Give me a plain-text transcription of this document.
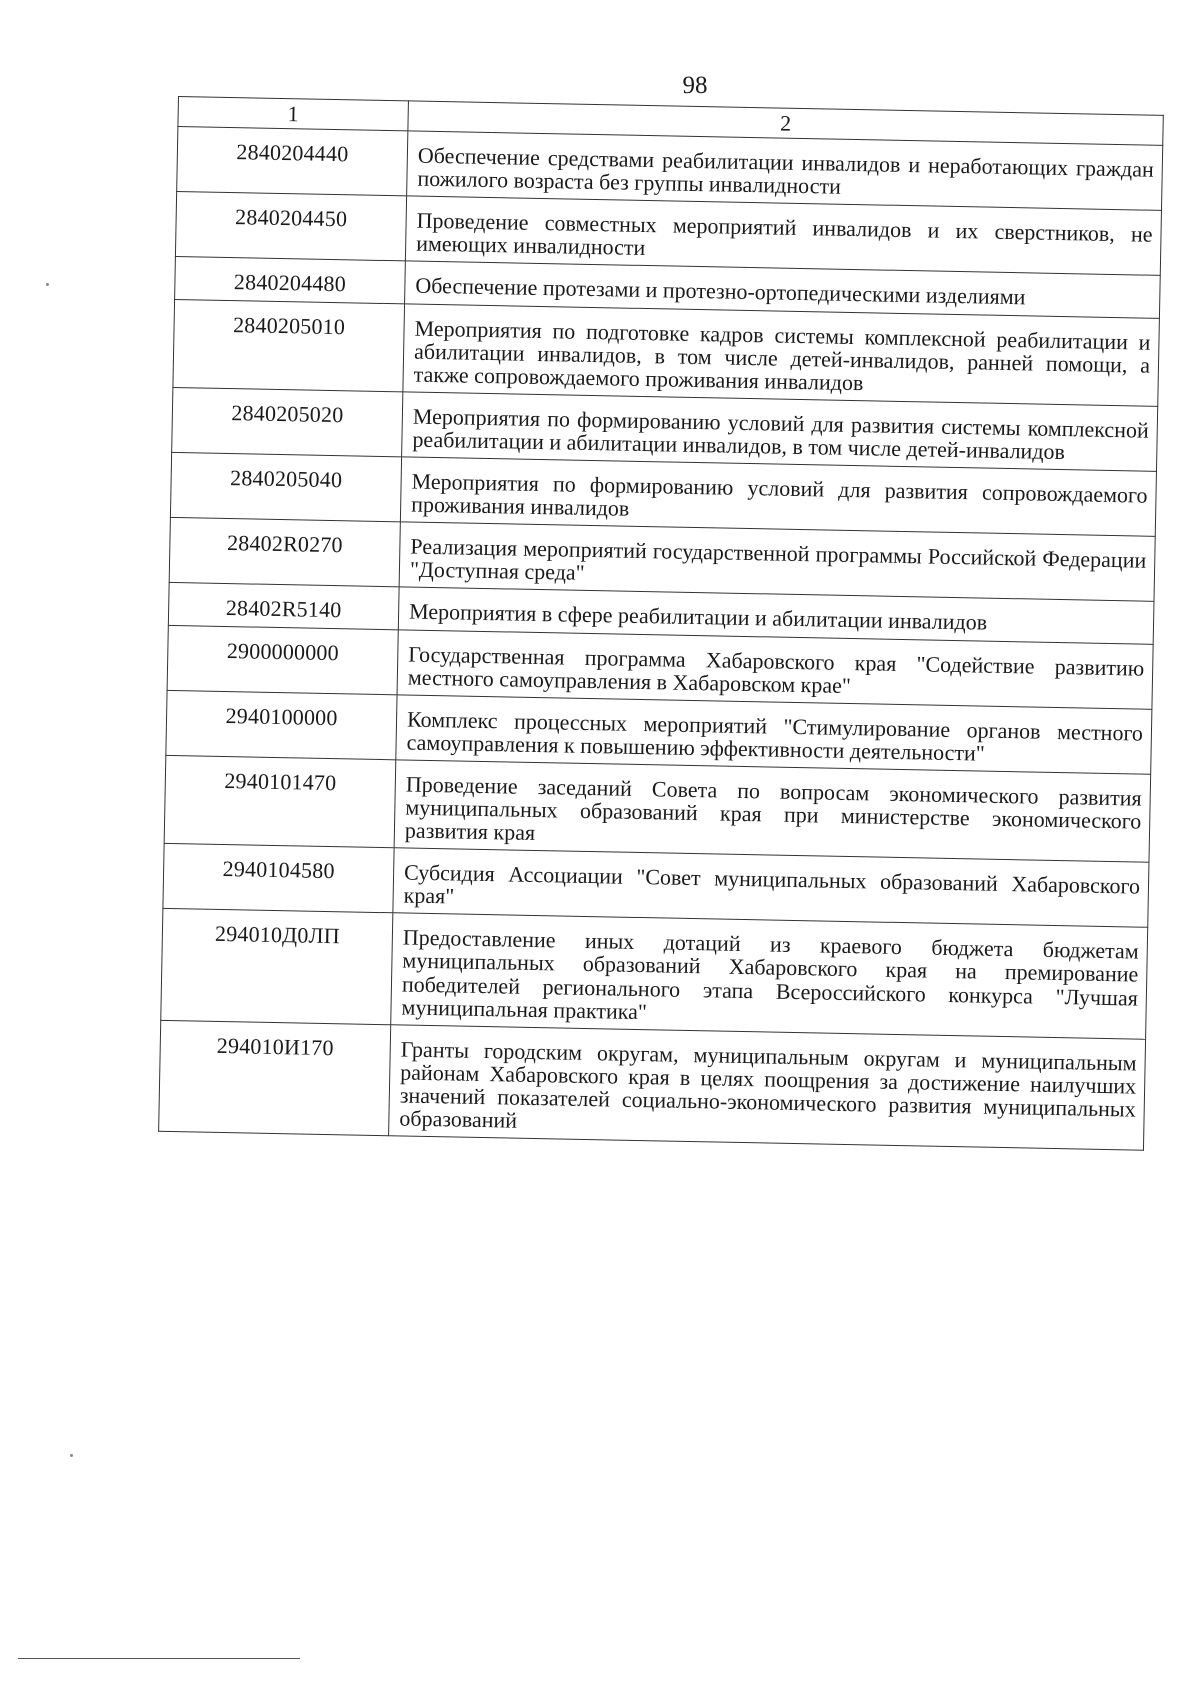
98
1	2
2840204440	Обеспечение средствами реабилитации инвалидов и неработающих граждан пожилого возраста без группы инвалидности
2840204450	Проведение совместных мероприятий инвалидов и их сверстников, не имеющих инвалидности
2840204480	Обеспечение протезами и протезно-ортопедическими изделиями
2840205010	Мероприятия по подготовке кадров системы комплексной реабилитации и абилитации инвалидов, в том числе детей-инвалидов, ранней помощи, а также сопровождаемого проживания инвалидов
2840205020	Мероприятия по формированию условий для развития системы комплексной реабилитации и абилитации инвалидов, в том числе детей-инвалидов
2840205040	Мероприятия по формированию условий для развития сопровождаемого проживания инвалидов
28402R0270	Реализация мероприятий государственной программы Российской Федерации "Доступная среда"
28402R5140	Мероприятия в сфере реабилитации и абилитации инвалидов
2900000000	Государственная программа Хабаровского края "Содействие развитию местного самоуправления в Хабаровском крае"
2940100000	Комплекс процессных мероприятий "Стимулирование органов местного самоуправления к повышению эффективности деятельности"
2940101470	Проведение заседаний Совета по вопросам экономического развития муниципальных образований края при министерстве экономического развития края
2940104580	Субсидия Ассоциации "Совет муниципальных образований Хабаровского края"
294010Д0ЛП	Предоставление иных дотаций из краевого бюджета бюджетам муниципальных образований Хабаровского края на премирование победителей регионального этапа Всероссийского конкурса "Лучшая муниципальная практика"
294010И170	Гранты городским округам, муниципальным округам и муниципальным районам Хабаровского края в целях поощрения за достижение наилучших значений показателей социально-экономического развития муниципальных образований
